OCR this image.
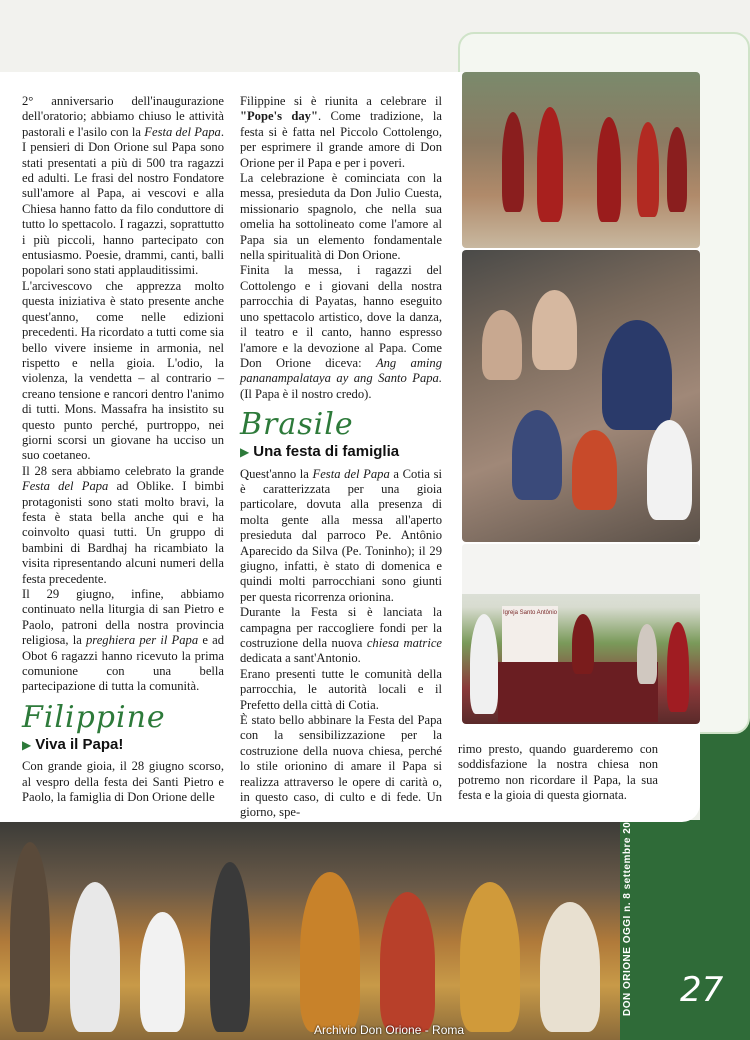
2° anniversario dell'inaugurazione dell'oratorio; abbiamo chiuso le attività pastorali e l'asilo con la Festa del Papa. I pensieri di Don Orione sul Papa sono stati presentati a più di 500 tra ragazzi ed adulti. Le frasi del nostro Fondatore sull'amore al Papa, ai vescovi e alla Chiesa hanno fatto da filo conduttore di tutto lo spettacolo. I ragazzi, soprattutto i più piccoli, hanno partecipato con entusiasmo. Poesie, drammi, canti, balli popolari sono stati applauditissimi.

L'arcivescovo che apprezza molto questa iniziativa è stato presente anche quest'anno, come nelle edizioni precedenti. Ha ricordato a tutti come sia bello vivere insieme in armonia, nel rispetto e nella gioia. L'odio, la violenza, la vendetta – al contrario – creano tensione e rancori dentro l'animo di tutti. Mons. Massafra ha insistito su questo punto perché, purtroppo, nei giorni scorsi un giovane ha ucciso un suo coetaneo.

Il 28 sera abbiamo celebrato la grande Festa del Papa ad Oblike. I bimbi protagonisti sono stati molto bravi, la festa è stata bella anche qui e ha coinvolto quasi tutti. Un gruppo di bambini di Bardhaj ha ricambiato la visita ripresentando alcuni numeri della festa precedente.

Il 29 giugno, infine, abbiamo continuato nella liturgia di san Pietro e Paolo, patroni della nostra provincia religiosa, la preghiera per il Papa e ad Obot 6 ragazzi hanno ricevuto la prima comunione con una bella partecipazione di tutta la comunità.

Filippine
▶ Viva il Papa!

Con grande gioia, il 28 giugno scorso, al vespro della festa dei Santi Pietro e Paolo, la famiglia di Don Orione delle

Filippine si è riunita a celebrare il "Pope's day". Come tradizione, la festa si è fatta nel Piccolo Cottolengo, per esprimere il grande amore di Don Orione per il Papa e per i poveri.

La celebrazione è cominciata con la messa, presieduta da Don Julio Cuesta, missionario spagnolo, che nella sua omelia ha sottolineato come l'amore al Papa sia un elemento fondamentale nella spiritualità di Don Orione.

Finita la messa, i ragazzi del Cottolengo e i giovani della nostra parrocchia di Payatas, hanno eseguito uno spettacolo artistico, dove la danza, il teatro e il canto, hanno espresso l'amore e la devozione al Papa. Come Don Orione diceva: Ang aming pananampalataya ay ang Santo Papa. (Il Papa è il nostro credo).

Brasile
▶ Una festa di famiglia

Quest'anno la Festa del Papa a Cotia si è caratterizzata per una gioia particolare, dovuta alla presenza di molta gente alla messa all'aperto presieduta dal parroco Pe. Antônio Aparecido da Silva (Pe. Toninho); il 29 giugno, infatti, è stato di domenica e quindi molti parrocchiani sono giunti per questa ricorrenza orionina.

Durante la Festa si è lanciata la campagna per raccogliere fondi per la costruzione della nuova chiesa matrice dedicata a sant'Antonio.

Erano presenti tutte le comunità della parrocchia, le autorità locali e il Prefetto della città di Cotia.

È stato bello abbinare la Festa del Papa con la sensibilizzazione per la costruzione della nuova chiesa, perché lo stile orionino di amare il Papa si realizza attraverso le opere di carità o, in questo caso, di culto e di fede. Un giorno, spe-

rimo presto, quando guarderemo con soddisfazione la nostra chiesa non potremo non ricordare il Papa, la sua festa e la gioia di questa giornata.

Igreja Santo Antônio
DON ORIONE OGGI n. 8 settembre 2008 27
Archivio Don Orione - Roma
